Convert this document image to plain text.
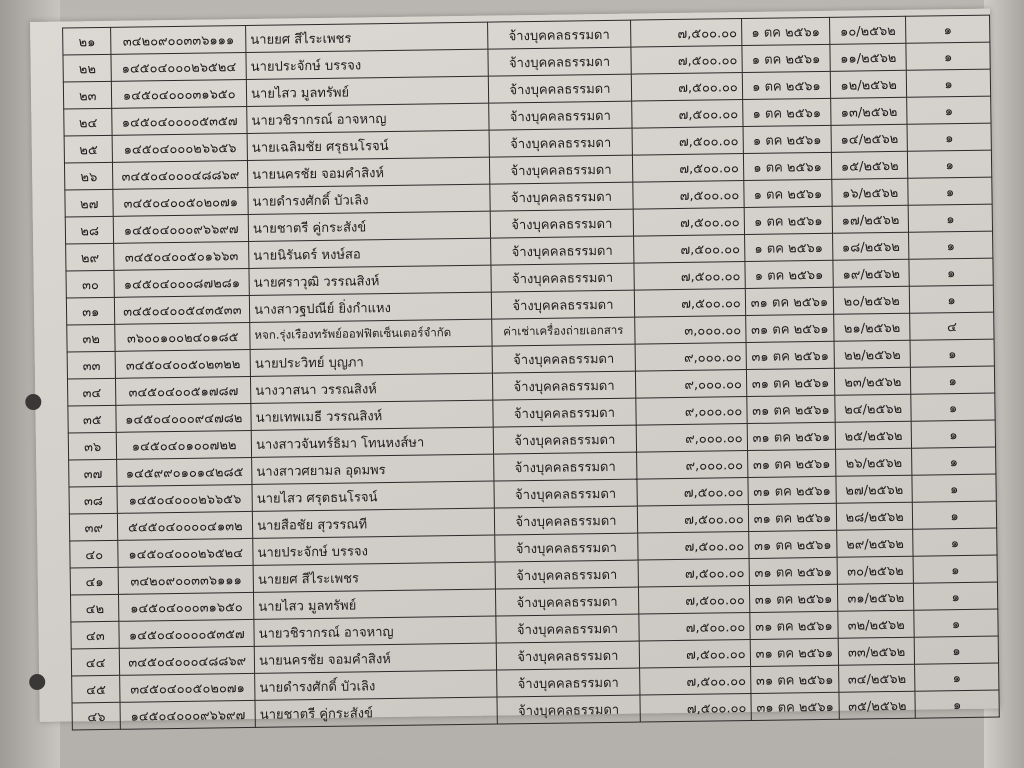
๒๑	๓๔๒๐๙๐๐๓๓๖๑๑๑	นายยศ สีไระเพชร	จ้างบุคคลธรรมดา	๗,๕๐๐.๐๐	๑ ตค ๒๕๖๑	๑๐/๒๕๖๒	๑
๒๒	๑๔๕๐๔๐๐๐๒๖๕๒๔	นายประจักษ์ บรรจง	จ้างบุคคลธรรมดา	๗,๕๐๐.๐๐	๑ ตค ๒๕๖๑	๑๑/๒๕๖๒	๑
๒๓	๑๔๕๐๔๐๐๐๓๑๖๕๐	นายไสว มูลทรัพย์	จ้างบุคคลธรรมดา	๗,๕๐๐.๐๐	๑ ตค ๒๕๖๑	๑๒/๒๕๖๒	๑
๒๔	๑๔๕๐๔๐๐๐๐๕๓๕๗	นายวชิรากรณ์ อาจหาญ	จ้างบุคคลธรรมดา	๗,๕๐๐.๐๐	๑ ตค ๒๕๖๑	๑๓/๒๕๖๒	๑
๒๕	๑๔๕๐๔๐๐๐๒๖๖๕๖	นายเฉลิมชัย ศรุธนโรจน์	จ้างบุคคลธรรมดา	๗,๕๐๐.๐๐	๑ ตค ๒๕๖๑	๑๔/๒๕๖๒	๑
๒๖	๓๔๕๐๔๐๐๐๔๘๘๖๙	นายนครชัย จอมคำสิงห์	จ้างบุคคลธรรมดา	๗,๕๐๐.๐๐	๑ ตค ๒๕๖๑	๑๕/๒๕๖๒	๑
๒๗	๓๔๕๐๔๐๐๕๐๒๐๗๑	นายดำรงศักดิ์ บัวเลิง	จ้างบุคคลธรรมดา	๗,๕๐๐.๐๐	๑ ตค ๒๕๖๑	๑๖/๒๕๖๒	๑
๒๘	๑๔๕๐๔๐๐๐๙๖๖๙๗	นายชาตรี คู่กระสังข์	จ้างบุคคลธรรมดา	๗,๕๐๐.๐๐	๑ ตค ๒๕๖๑	๑๗/๒๕๖๒	๑
๒๙	๓๔๕๐๔๐๐๕๐๑๖๖๓	นายนิรันดร์ หงษ์สอ	จ้างบุคคลธรรมดา	๗,๕๐๐.๐๐	๑ ตค ๒๕๖๑	๑๘/๒๕๖๒	๑
๓๐	๑๔๕๐๔๐๐๐๘๗๒๘๑	นายศราวุฒิ วรรณสิงห์	จ้างบุคคลธรรมดา	๗,๕๐๐.๐๐	๑ ตค ๒๕๖๑	๑๙/๒๕๖๒	๑
๓๑	๓๔๕๐๔๐๐๕๔๓๕๓๓	นางสาวฐปณีย์ ยิ่งกำแหง	จ้างบุคคลธรรมดา	๗,๕๐๐.๐๐	๓๑ ตค ๒๕๖๑	๒๐/๒๕๖๒	๑
๓๒	๓๖๐๐๑๐๐๒๔๐๑๘๕	หจก.รุ่งเรืองทรัพย์ออฟฟิตเซ็นเตอร์จำกัด	ค่าเช่าเครื่องถ่ายเอกสาร	๓,๐๐๐.๐๐	๓๑ ตค ๒๕๖๑	๒๑/๒๕๖๒	๔
๓๓	๓๔๕๐๔๐๐๕๐๒๓๒๒	นายประวิทย์ บุญภา	จ้างบุคคลธรรมดา	๙,๐๐๐.๐๐	๓๑ ตค ๒๕๖๑	๒๒/๒๕๖๒	๑
๓๔	๓๔๕๐๔๐๐๕๑๗๘๗	นางวาสนา วรรณสิงห์	จ้างบุคคลธรรมดา	๙,๐๐๐.๐๐	๓๑ ตค ๒๕๖๑	๒๓/๒๕๖๒	๑
๓๕	๑๔๕๐๔๐๐๐๙๔๗๘๒	นายเทพเมธี วรรณสิงห์	จ้างบุคคลธรรมดา	๙,๐๐๐.๐๐	๓๑ ตค ๒๕๖๑	๒๔/๒๕๖๒	๑
๓๖	๑๔๕๐๔๐๑๐๐๗๒๒	นางสาวจันทร์ธิมา โทนหงส์ษา	จ้างบุคคลธรรมดา	๙,๐๐๐.๐๐	๓๑ ตค ๒๕๖๑	๒๕/๒๕๖๒	๑
๓๗	๑๔๕๙๙๐๑๐๑๔๒๘๕	นางสาวศยามล อุดมพร	จ้างบุคคลธรรมดา	๙,๐๐๐.๐๐	๓๑ ตค ๒๕๖๑	๒๖/๒๕๖๒	๑
๓๘	๑๔๕๐๔๐๐๐๒๖๖๕๖	นายไสว ศรุตธนโรจน์	จ้างบุคคลธรรมดา	๗,๕๐๐.๐๐	๓๑ ตค ๒๕๖๑	๒๗/๒๕๖๒	๑
๓๙	๕๔๕๐๔๐๐๐๐๔๑๓๒	นายสือชัย สุวรรณที	จ้างบุคคลธรรมดา	๗,๕๐๐.๐๐	๓๑ ตค ๒๕๖๑	๒๘/๒๕๖๒	๑
๔๐	๑๔๕๐๔๐๐๐๒๖๕๒๔	นายประจักษ์ บรรจง	จ้างบุคคลธรรมดา	๗,๕๐๐.๐๐	๓๑ ตค ๒๕๖๑	๒๙/๒๕๖๒	๑
๔๑	๓๔๒๐๙๐๐๓๓๖๑๑๑	นายยศ สีไระเพชร	จ้างบุคคลธรรมดา	๗,๕๐๐.๐๐	๓๑ ตค ๒๕๖๑	๓๐/๒๕๖๒	๑
๔๒	๑๔๕๐๔๐๐๐๓๑๖๕๐	นายไสว มูลทรัพย์	จ้างบุคคลธรรมดา	๗,๕๐๐.๐๐	๓๑ ตค ๒๕๖๑	๓๑/๒๕๖๒	๑
๔๓	๑๔๕๐๔๐๐๐๐๕๓๕๗	นายวชิรากรณ์ อาจหาญ	จ้างบุคคลธรรมดา	๗,๕๐๐.๐๐	๓๑ ตค ๒๕๖๑	๓๒/๒๕๖๒	๑
๔๔	๓๔๕๐๔๐๐๐๔๘๘๖๙	นายนครชัย จอมคำสิงห์	จ้างบุคคลธรรมดา	๗,๕๐๐.๐๐	๓๑ ตค ๒๕๖๑	๓๓/๒๕๖๒	๑
๔๕	๓๔๕๐๔๐๐๕๐๒๐๗๑	นายดำรงศักดิ์ บัวเลิง	จ้างบุคคลธรรมดา	๗,๕๐๐.๐๐	๓๑ ตค ๒๕๖๑	๓๔/๒๕๖๒	๑
๔๖	๑๔๕๐๔๐๐๐๙๖๖๙๗	นายชาตรี คู่กระสังข์	จ้างบุคคลธรรมดา	๗,๕๐๐.๐๐	๓๑ ตค ๒๕๖๑	๓๕/๒๕๖๒	๑
